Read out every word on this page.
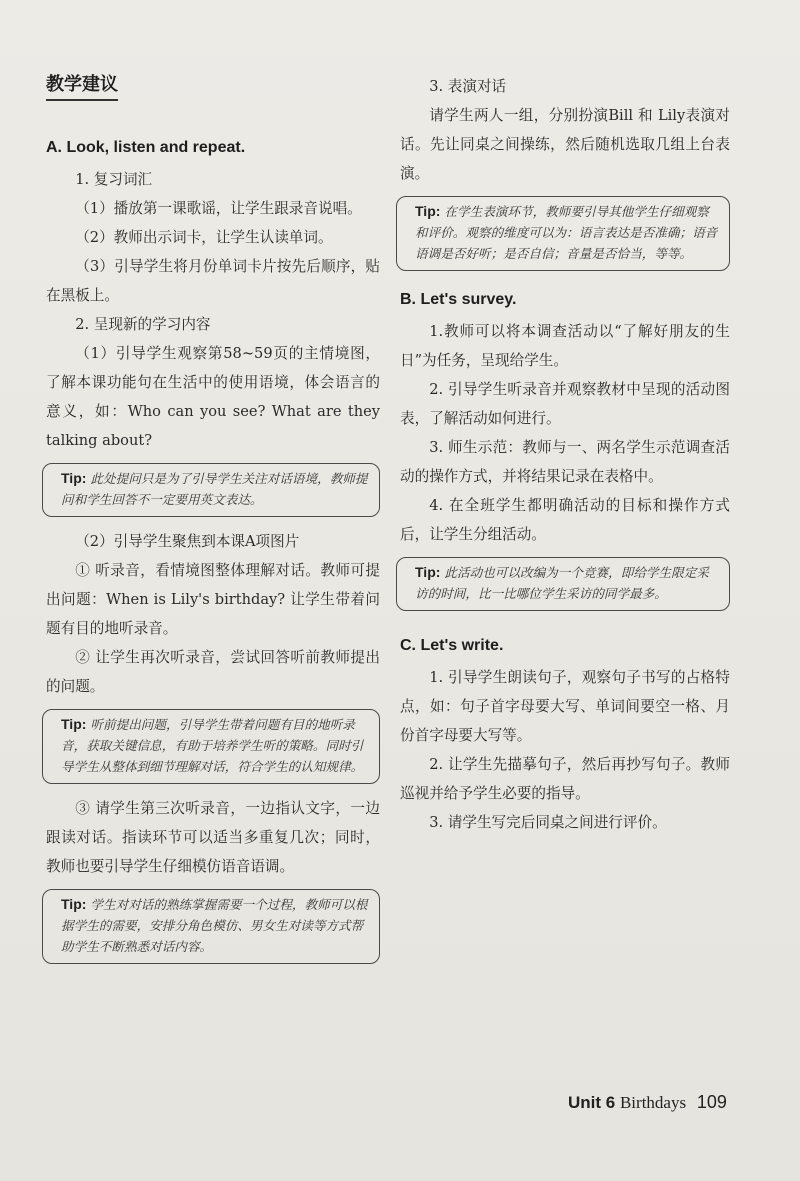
教学建议
A. Look, listen and repeat.

1. 复习词汇

（1）播放第一课歌谣，让学生跟录音说唱。

（2）教师出示词卡，让学生认读单词。

（3）引导学生将月份单词卡片按先后顺序，贴在黑板上。

2. 呈现新的学习内容

（1）引导学生观察第58~59页的主情境图，了解本课功能句在生活中的使用语境，体会语言的意义，如：Who can you see? What are they talking about?

Tip: 此处提问只是为了引导学生关注对话语境，教师提问和学生回答不一定要用英文表达。

（2）引导学生聚焦到本课A项图片

① 听录音，看情境图整体理解对话。教师可提出问题：When is Lily's birthday? 让学生带着问题有目的地听录音。

② 让学生再次听录音，尝试回答听前教师提出的问题。

Tip: 听前提出问题，引导学生带着问题有目的地听录音，获取关键信息，有助于培养学生听的策略。同时引导学生从整体到细节理解对话，符合学生的认知规律。

③ 请学生第三次听录音，一边指认文字，一边跟读对话。指读环节可以适当多重复几次；同时，教师也要引导学生仔细模仿语音语调。

Tip: 学生对对话的熟练掌握需要一个过程，教师可以根据学生的需要，安排分角色模仿、男女生对读等方式帮助学生不断熟悉对话内容。

3. 表演对话

请学生两人一组，分别扮演Bill 和 Lily表演对话。先让同桌之间操练，然后随机选取几组上台表演。

Tip: 在学生表演环节，教师要引导其他学生仔细观察和评价。观察的维度可以为：语言表达是否准确；语音语调是否好听；是否自信；音量是否恰当，等等。
B. Let's survey.

1.教师可以将本调查活动以“了解好朋友的生日”为任务，呈现给学生。

2. 引导学生听录音并观察教材中呈现的活动图表，了解活动如何进行。

3. 师生示范：教师与一、两名学生示范调查活动的操作方式，并将结果记录在表格中。

4. 在全班学生都明确活动的目标和操作方式后，让学生分组活动。

Tip: 此活动也可以改编为一个竞赛，即给学生限定采访的时间，比一比哪位学生采访的同学最多。
C. Let's write.

1. 引导学生朗读句子，观察句子书写的占格特点，如：句子首字母要大写、单词间要空一格、月份首字母要大写等。

2. 让学生先描摹句子，然后再抄写句子。教师巡视并给予学生必要的指导。

3. 请学生写完后同桌之间进行评价。

Unit 6 Birthdays 109
